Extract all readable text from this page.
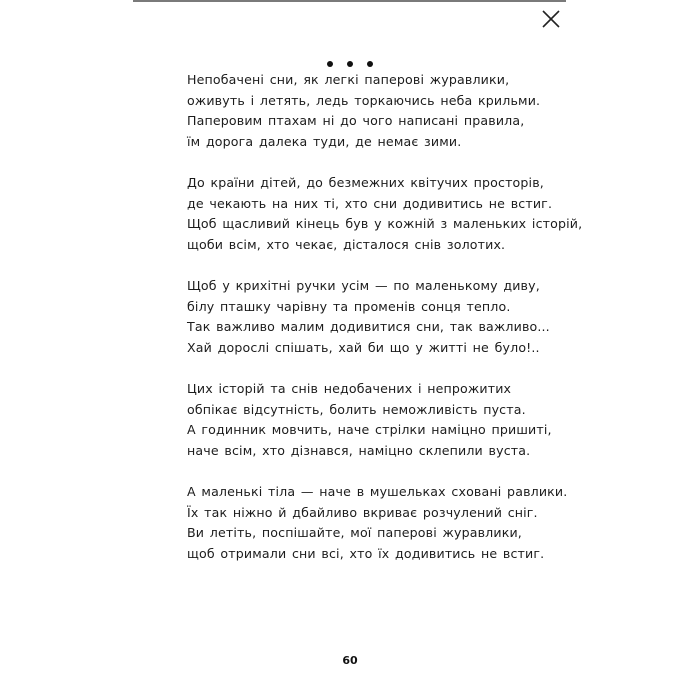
Непобачені сни, як легкі паперові журавлики,
оживуть і летять, ледь торкаючись неба крильми.
Паперовим птахам ні до чого написані правила,
їм дорога далека туди, де немає зими.
До країни дітей, до безмежних квітучих просторів,
де чекають на них ті, хто сни додивитись не встиг.
Щоб щасливий кінець був у кожній з маленьких історій,
щоби всім, хто чекає, дісталося снів золотих.
Щоб у крихітні ручки усім — по маленькому диву,
білу пташку чарівну та променів сонця тепло.
Так важливо малим додивитися сни, так важливо...
Хай дорослі спішать, хай би що у житті не було!..
Цих історій та снів недобачених і непрожитих
обпікає відсутність, болить неможливість пуста.
А годинник мовчить, наче стрілки наміцно пришиті,
наче всім, хто дізнався, наміцно склепили вуста.
А маленькі тіла — наче в мушельках сховані равлики.
Їх так ніжно й дбайливо вкриває розчулений сніг.
Ви летіть, поспішайте, мої паперові журавлики,
щоб отримали сни всі, хто їх додивитись не встиг.
60
